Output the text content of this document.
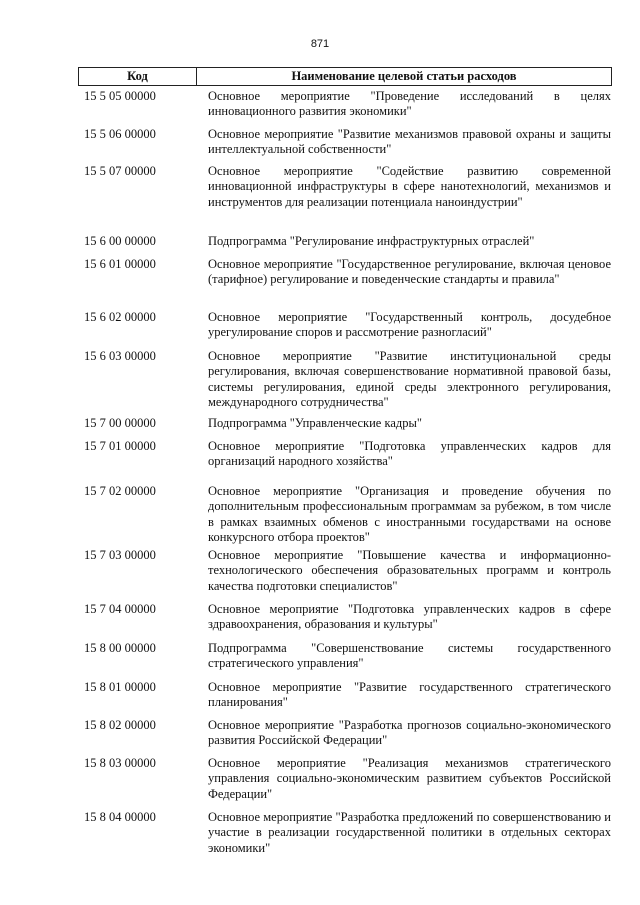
871
Код	Наименование целевой статьи расходов
15 5 05 00000	Основное мероприятие "Проведение исследований в целях инновационного развития экономики"
15 5 06 00000	Основное мероприятие "Развитие механизмов правовой охраны и защиты интеллектуальной собственности"
15 5 07 00000	Основное мероприятие "Содействие развитию современной инновационной инфраструктуры в сфере нанотехнологий, механизмов и инструментов для реализации потенциала наноиндустрии"
15 6 00 00000	Подпрограмма "Регулирование инфраструктурных отраслей"
15 6 01 00000	Основное мероприятие "Государственное регулирование, включая ценовое (тарифное) регулирование и поведенческие стандарты и правила"
15 6 02 00000	Основное мероприятие "Государственный контроль, досудебное урегулирование споров и рассмотрение разногласий"
15 6 03 00000	Основное мероприятие "Развитие институциональной среды регулирования, включая совершенствование нормативной правовой базы, системы регулирования, единой среды электронного регулирования, международного сотрудничества"
15 7 00 00000	Подпрограмма "Управленческие кадры"
15 7 01 00000	Основное мероприятие "Подготовка управленческих кадров для организаций народного хозяйства"
15 7 02 00000	Основное мероприятие "Организация и проведение обучения по дополнительным профессиональным программам за рубежом, в том числе в рамках взаимных обменов с иностранными государствами на основе конкурсного отбора проектов"
15 7 03 00000	Основное мероприятие "Повышение качества и информационно-технологического обеспечения образовательных программ и контроль качества подготовки специалистов"
15 7 04 00000	Основное мероприятие "Подготовка управленческих кадров в сфере здравоохранения, образования и культуры"
15 8 00 00000	Подпрограмма "Совершенствование системы государственного стратегического управления"
15 8 01 00000	Основное мероприятие "Развитие государственного стратегического планирования"
15 8 02 00000	Основное мероприятие "Разработка прогнозов социально-экономического развития Российской Федерации"
15 8 03 00000	Основное мероприятие "Реализация механизмов стратегического управления социально-экономическим развитием субъектов Российской Федерации"
15 8 04 00000	Основное мероприятие "Разработка предложений по совершенствованию и участие в реализации государственной политики в отдельных секторах экономики"
